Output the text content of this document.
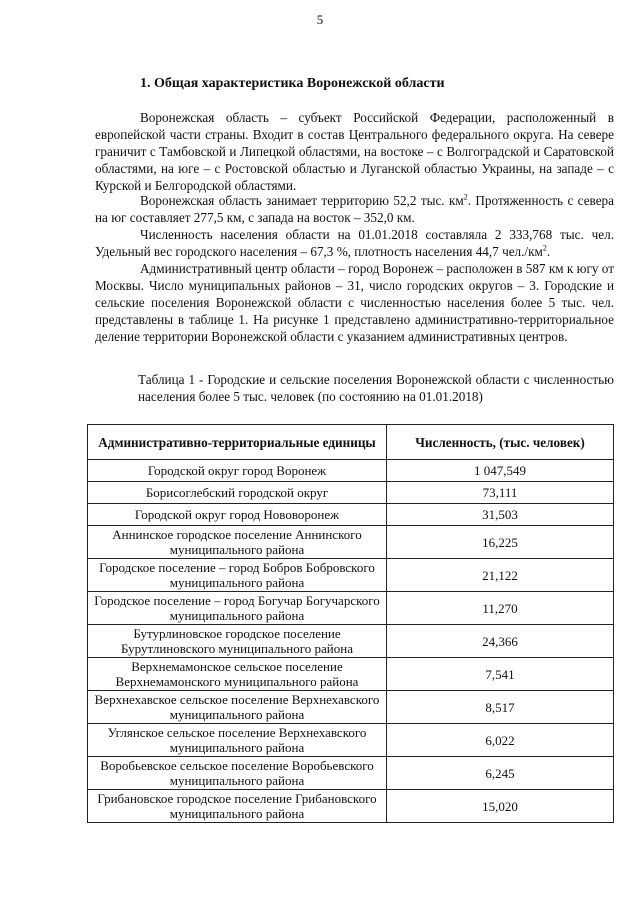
5
1. Общая характеристика Воронежской области

Воронежская область – субъект Российской Федерации, расположенный в европейской части страны. Входит в состав Центрального федерального округа. На севере граничит с Тамбовской и Липецкой областями, на востоке – с Волгоградской и Саратовской областями, на юге – с Ростовской областью и Луганской областью Украины, на западе – с Курской и Белгородской областями.

Воронежская область занимает территорию 52,2 тыс. $км^2$. Протяженность с севера на юг составляет 277,5 км, с запада на восток – 352,0 км.

Численность населения области на 01.01.2018 составляла 2 333,768 тыс. чел. Удельный вес городского населения – 67,3 %, плотность населения 44,7 $чел./км^2$.

Административный центр области – город Воронеж – расположен в 587 км к югу от Москвы. Число муниципальных районов – 31, число городских округов – 3. Городские и сельские поселения Воронежской области с численностью населения более 5 тыс. чел. представлены в таблице 1. На рисунке 1 представлено административно-территориальное деление территории Воронежской области с указанием административных центров.

Таблица 1 - Городские и сельские поселения Воронежской области с численностью населения более 5 тыс. человек (по состоянию на 01.01.2018)

Административно-территориальные единицы	Численность, (тыс. человек)
Городской округ город Воронеж	1 047,549
Борисоглебский городской округ	73,111
Городской округ город Нововоронеж	31,503
Аннинское городское поселение Аннинского муниципального района	16,225
Городское поселение – город Бобров Бобровского муниципального района	21,122
Городское поселение – город Богучар Богучарского муниципального района	11,270
Бутурлиновское городское поселение Бурутлиновского муниципального района	24,366
Верхнемамонское сельское поселение Верхнемамонского муниципального района	7,541
Верхнехавское сельское поселение Верхнехавского муниципального района	8,517
Углянское сельское поселение Верхнехавского муниципального района	6,022
Воробьевское сельское поселение Воробьевского муниципального района	6,245
Грибановское городское поселение Грибановского муниципального района	15,020
